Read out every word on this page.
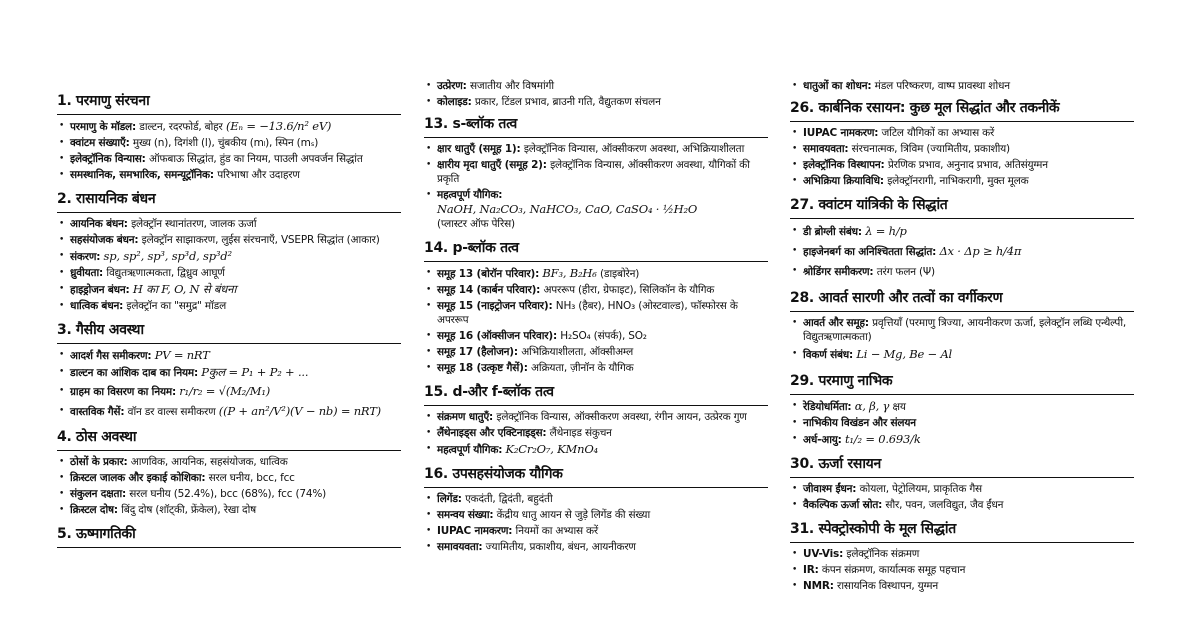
1. परमाणु संरचना
• परमाणु के मॉडल: डाल्टन, रदरफोर्ड, बोहर (Eₙ = −13.6/n² eV)
• क्वांटम संख्याएँ: मुख्य (n), दिगंशी (l), चुंबकीय (mₗ), स्पिन (mₛ)
• इलेक्ट्रॉनिक विन्यास: ऑफबाऊ सिद्धांत, हुंड का नियम, पाउली अपवर्जन सिद्धांत
• समस्थानिक, समभारिक, समन्यूट्रॉनिक: परिभाषा और उदाहरण
2. रासायनिक बंधन
• आयनिक बंधन: इलेक्ट्रॉन स्थानांतरण, जालक ऊर्जा
• सहसंयोजक बंधन: इलेक्ट्रॉन साझाकरण, लुईस संरचनाएँ, VSEPR सिद्धांत (आकार)
• संकरण: sp, sp², sp³, sp³d, sp³d²
• ध्रुवीयता: विद्युतऋणात्मकता, द्विध्रुव आघूर्ण
• हाइड्रोजन बंधन: H का F, O, N से बंधना
• धात्विक बंधन: इलेक्ट्रॉन का "समुद्र" मॉडल
3. गैसीय अवस्था
• आदर्श गैस समीकरण: PV = nRT
• डाल्टन का आंशिक दाब का नियम: Pकुल = P₁ + P₂ + ...
• ग्राहम का विसरण का नियम: r₁/r₂ = √(M₂/M₁)
• वास्तविक गैसें: वॉन डर वाल्स समीकरण ((P + an²/V²)(V − nb) = nRT)
4. ठोस अवस्था
• ठोसों के प्रकार: आणविक, आयनिक, सहसंयोजक, धात्विक
• क्रिस्टल जालक और इकाई कोशिका: सरल घनीय, bcc, fcc
• संकुलन दक्षता: सरल घनीय (52.4%), bcc (68%), fcc (74%)
• क्रिस्टल दोष: बिंदु दोष (शॉट्की, फ्रेंकेल), रेखा दोष
5. ऊष्मागतिकी
• उत्प्रेरण: सजातीय और विषमांगी
• कोलाइड: प्रकार, टिंडल प्रभाव, ब्राउनी गति, वैद्युतकण संचलन
13. s-ब्लॉक तत्व
• क्षार धातुएँ (समूह 1): इलेक्ट्रॉनिक विन्यास, ऑक्सीकरण अवस्था, अभिक्रियाशीलता
• क्षारीय मृदा धातुएँ (समूह 2): इलेक्ट्रॉनिक विन्यास, ऑक्सीकरण अवस्था, यौगिकों की प्रकृति
• महत्वपूर्ण यौगिक:
NaOH, Na₂CO₃, NaHCO₃, CaO, CaSO₄ · ½H₂O
(प्लास्टर ऑफ पेरिस)
14. p-ब्लॉक तत्व
• समूह 13 (बोरॉन परिवार): BF₃, B₂H₆ (डाइबोरेन)
• समूह 14 (कार्बन परिवार): अपररूप (हीरा, ग्रेफाइट), सिलिकॉन के यौगिक
• समूह 15 (नाइट्रोजन परिवार): NH₃ (हैबर), HNO₃ (ओस्टवाल्ड), फॉस्फोरस के अपररूप
• समूह 16 (ऑक्सीजन परिवार): H₂SO₄ (संपर्क), SO₂
• समूह 17 (हैलोजन): अभिक्रियाशीलता, ऑक्सीअम्ल
• समूह 18 (उत्कृष्ट गैसें): अक्रियता, ज़ीनॉन के यौगिक
15. d-और f-ब्लॉक तत्व
• संक्रमण धातुएँ: इलेक्ट्रॉनिक विन्यास, ऑक्सीकरण अवस्था, रंगीन आयन, उत्प्रेरक गुण
• लैंथेनाइड्स और एक्टिनाइड्स: लैंथेनाइड संकुचन
• महत्वपूर्ण यौगिक: K₂Cr₂O₇, KMnO₄
16. उपसहसंयोजक यौगिक
• लिगेंड: एकदंती, द्विदंती, बहुदंती
• समन्वय संख्या: केंद्रीय धातु आयन से जुड़े लिगेंड की संख्या
• IUPAC नामकरण: नियमों का अभ्यास करें
• समावयवता: ज्यामितीय, प्रकाशीय, बंधन, आयनीकरण
• धातुओं का शोधन: मंडल परिष्करण, वाष्प प्रावस्था शोधन
26. कार्बनिक रसायन: कुछ मूल सिद्धांत और तकनीकें
• IUPAC नामकरण: जटिल यौगिकों का अभ्यास करें
• समावयवता: संरचनात्मक, त्रिविम (ज्यामितीय, प्रकाशीय)
• इलेक्ट्रॉनिक विस्थापन: प्रेरणिक प्रभाव, अनुनाद प्रभाव, अतिसंयुग्मन
• अभिक्रिया क्रियाविधि: इलेक्ट्रॉनरागी, नाभिकरागी, मुक्त मूलक
27. क्वांटम यांत्रिकी के सिद्धांत
• डी ब्रोग्ली संबंध: λ = h/p
• हाइजेनबर्ग का अनिश्चितता सिद्धांत: Δx · Δp ≥ h/4π
• श्रोडिंगर समीकरण: तरंग फलन (Ψ)
28. आवर्त सारणी और तत्वों का वर्गीकरण
• आवर्त और समूह: प्रवृत्तियाँ (परमाणु त्रिज्या, आयनीकरण ऊर्जा, इलेक्ट्रॉन लब्धि एन्थैल्पी, विद्युतऋणात्मकता)
• विकर्ण संबंध: Li − Mg, Be − Al
29. परमाणु नाभिक
• रेडियोधर्मिता: α, β, γ क्षय
• नाभिकीय विखंडन और संलयन
• अर्ध-आयु: t₁/₂ = 0.693/k
30. ऊर्जा रसायन
• जीवाश्म ईंधन: कोयला, पेट्रोलियम, प्राकृतिक गैस
• वैकल्पिक ऊर्जा स्रोत: सौर, पवन, जलविद्युत, जैव ईंधन
31. स्पेक्ट्रोस्कोपी के मूल सिद्धांत
• UV-Vis: इलेक्ट्रॉनिक संक्रमण
• IR: कंपन संक्रमण, कार्यात्मक समूह पहचान
• NMR: रासायनिक विस्थापन, युग्मन
